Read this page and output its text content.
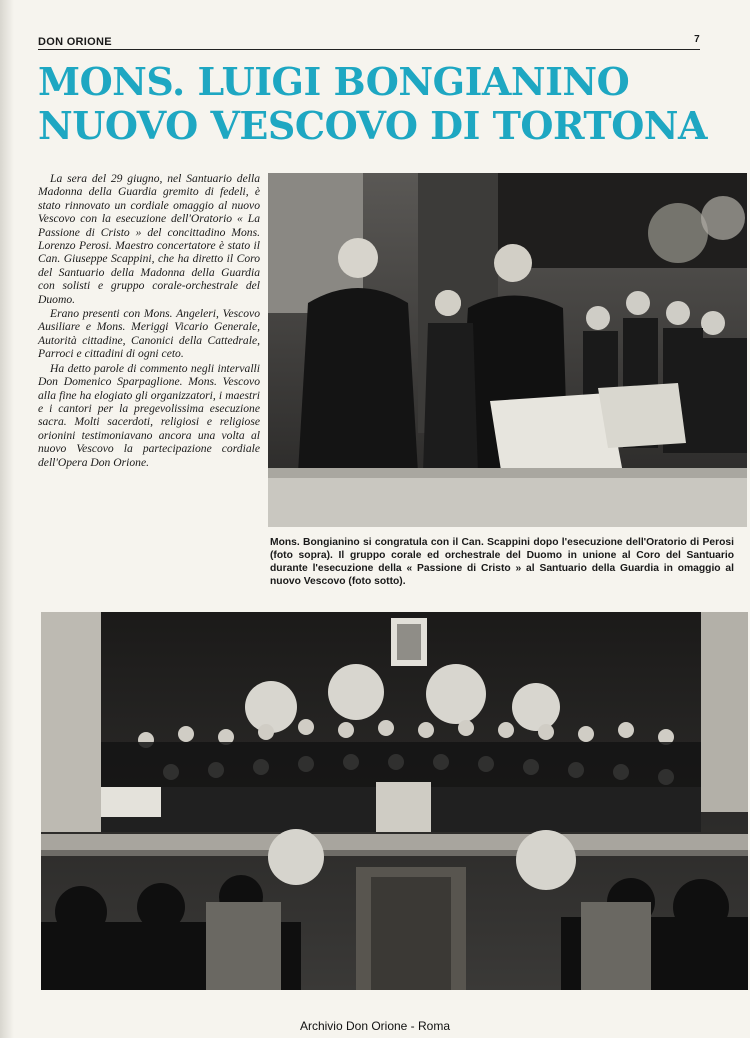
DON ORIONE	7
MONS. LUIGI BONGIANINO
NUOVO VESCOVO DI TORTONA

La sera del 29 giugno, nel Santuario della Madonna della Guardia gremito di fedeli, è stato rinnovato un cordiale omaggio al nuovo Vescovo con la esecuzione dell'Oratorio « La Passione di Cristo » del concittadino Mons. Lorenzo Perosi. Maestro concertatore è stato il Can. Giuseppe Scappini, che ha diretto il Coro del Santuario della Madonna della Guardia con solisti e gruppo corale-orchestrale del Duomo.

Erano presenti con Mons. Angeleri, Vescovo Ausiliare e Mons. Meriggi Vicario Generale, Autorità cittadine, Canonici della Cattedrale, Parroci e cittadini di ogni ceto.

Ha detto parole di commento negli intervalli Don Domenico Sparpaglione. Mons. Vescovo alla fine ha elogiato gli organizzatori, i maestri e i cantori per la pregevolissima esecuzione sacra. Molti sacerdoti, religiosi e religiose orionini testimoniavano ancora una volta al nuovo Vescovo la partecipazione cordiale dell'Opera Don Orione.

Mons. Bongianino si congratula con il Can. Scappini dopo l'esecuzione dell'Oratorio di Perosi (foto sopra). Il gruppo corale ed orchestrale del Duomo in unione al Coro del Santuario durante l'esecuzione della « Passione di Cristo » al Santuario della Guardia in omaggio al nuovo Vescovo (foto sotto).
Archivio Don Orione - Roma
